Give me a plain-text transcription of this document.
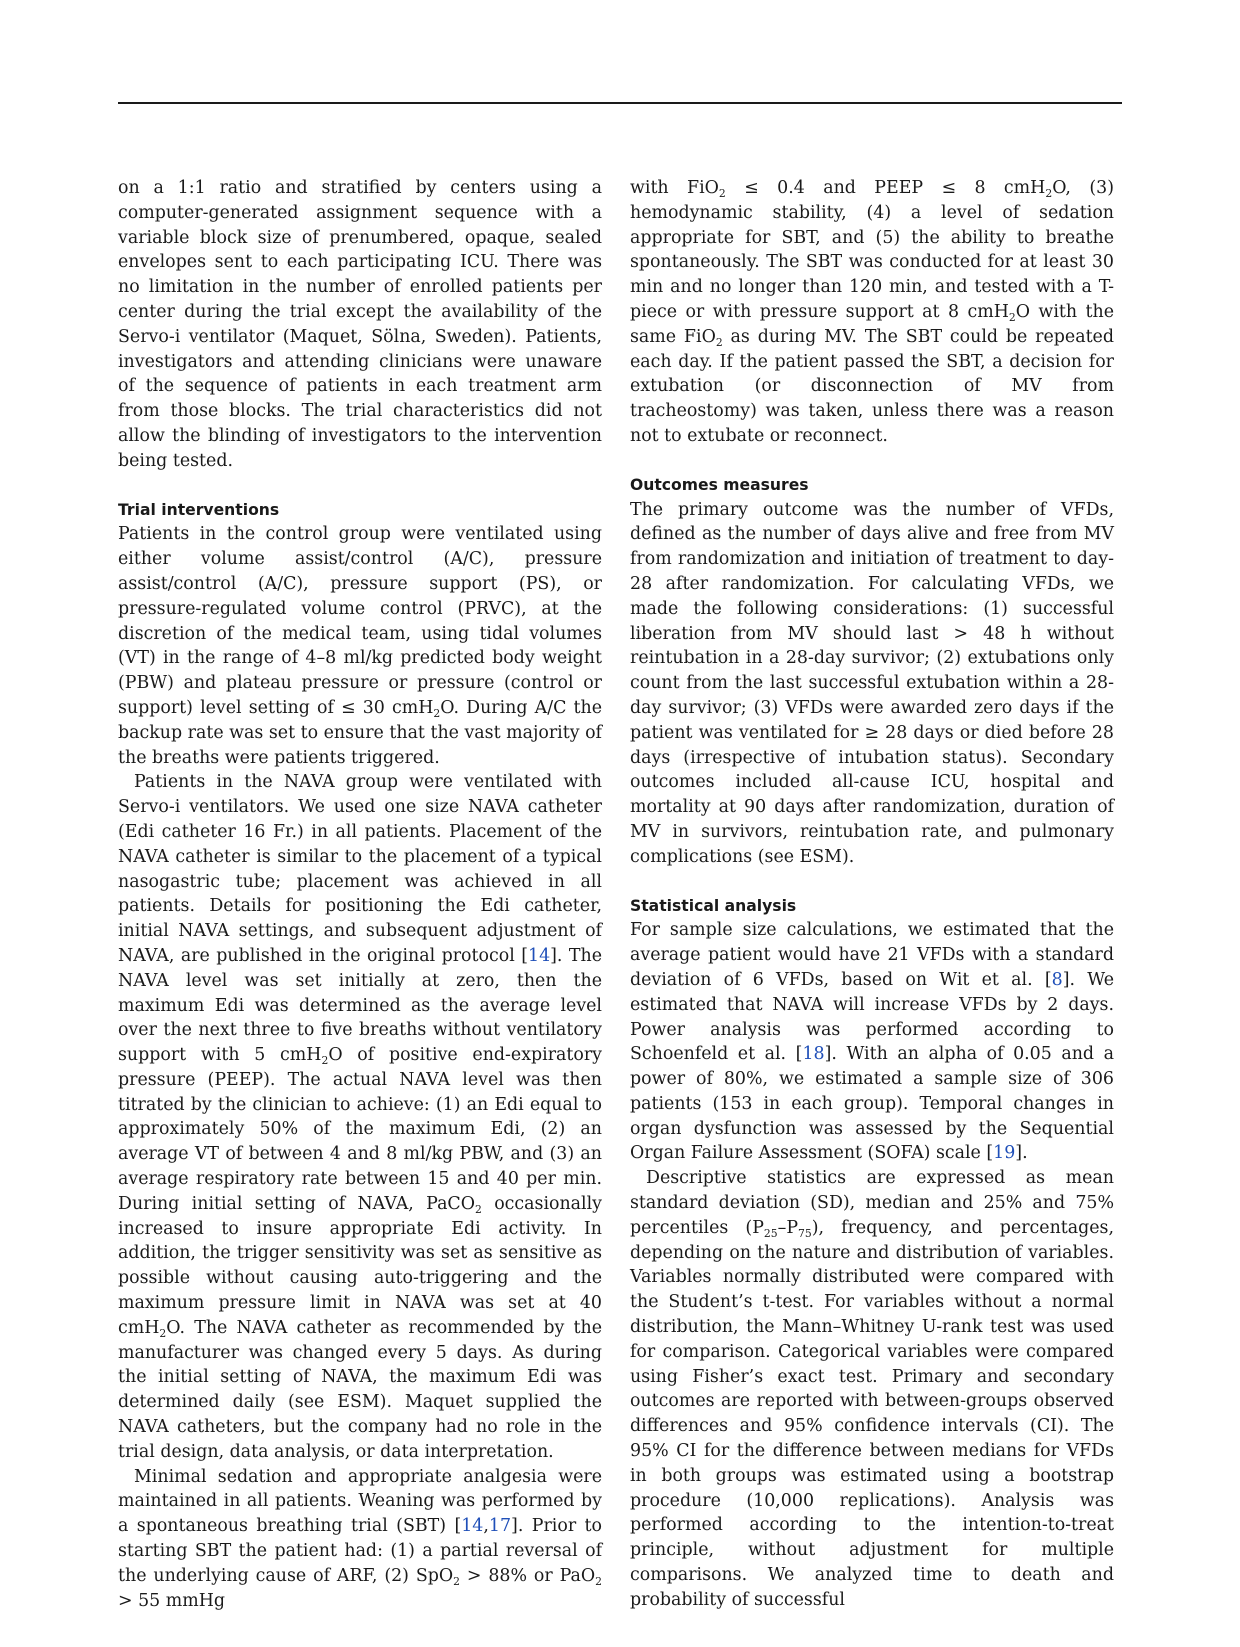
on a 1:1 ratio and stratified by centers using a computer-generated assignment sequence with a variable block size of prenumbered, opaque, sealed envelopes sent to each participating ICU. There was no limitation in the number of enrolled patients per center during the trial except the availability of the Servo-i ventilator (Maquet, Sölna, Sweden). Patients, investigators and attending clinicians were unaware of the sequence of patients in each treatment arm from those blocks. The trial characteristics did not allow the blinding of investigators to the intervention being tested.

Trial interventions

Patients in the control group were ventilated using either volume assist/control (A/C), pressure assist/control (A/C), pressure support (PS), or pressure-regulated volume control (PRVC), at the discretion of the medical team, using tidal volumes (VT) in the range of 4–8 ml/kg predicted body weight (PBW) and plateau pressure or pressure (control or support) level setting of ≤ 30 cmH$_2$O. During A/C the backup rate was set to ensure that the vast majority of the breaths were patients triggered.

Patients in the NAVA group were ventilated with Servo-i ventilators. We used one size NAVA catheter (Edi catheter 16 Fr.) in all patients. Placement of the NAVA catheter is similar to the placement of a typical nasogastric tube; placement was achieved in all patients. Details for positioning the Edi catheter, initial NAVA settings, and subsequent adjustment of NAVA, are published in the original protocol [14]. The NAVA level was set initially at zero, then the maximum Edi was determined as the average level over the next three to five breaths without ventilatory support with 5 cmH$_2$O of positive end-expiratory pressure (PEEP). The actual NAVA level was then titrated by the clinician to achieve: (1) an Edi equal to approximately 50% of the maximum Edi, (2) an average VT of between 4 and 8 ml/kg PBW, and (3) an average respiratory rate between 15 and 40 per min. During initial setting of NAVA, PaCO$_2$ occasionally increased to insure appropriate Edi activity. In addition, the trigger sensitivity was set as sensitive as possible without causing auto-triggering and the maximum pressure limit in NAVA was set at 40 cmH$_2$O. The NAVA catheter as recommended by the manufacturer was changed every 5 days. As during the initial setting of NAVA, the maximum Edi was determined daily (see ESM). Maquet supplied the NAVA catheters, but the company had no role in the trial design, data analysis, or data interpretation.

Minimal sedation and appropriate analgesia were maintained in all patients. Weaning was performed by a spontaneous breathing trial (SBT) [14,17]. Prior to starting SBT the patient had: (1) a partial reversal of the underlying cause of ARF, (2) SpO$_2$ > 88% or PaO$_2$ > 55 mmHg

with FiO$_2$ ≤ 0.4 and PEEP ≤ 8 cmH$_2$O, (3) hemodynamic stability, (4) a level of sedation appropriate for SBT, and (5) the ability to breathe spontaneously. The SBT was conducted for at least 30 min and no longer than 120 min, and tested with a T-piece or with pressure support at 8 cmH$_2$O with the same FiO$_2$ as during MV. The SBT could be repeated each day. If the patient passed the SBT, a decision for extubation (or disconnection of MV from tracheostomy) was taken, unless there was a reason not to extubate or reconnect.

Outcomes measures

The primary outcome was the number of VFDs, defined as the number of days alive and free from MV from randomization and initiation of treatment to day-28 after randomization. For calculating VFDs, we made the following considerations: (1) successful liberation from MV should last > 48 h without reintubation in a 28-day survivor; (2) extubations only count from the last successful extubation within a 28-day survivor; (3) VFDs were awarded zero days if the patient was ventilated for ≥ 28 days or died before 28 days (irrespective of intubation status). Secondary outcomes included all-cause ICU, hospital and mortality at 90 days after randomization, duration of MV in survivors, reintubation rate, and pulmonary complications (see ESM).

Statistical analysis

For sample size calculations, we estimated that the average patient would have 21 VFDs with a standard deviation of 6 VFDs, based on Wit et al. [8]. We estimated that NAVA will increase VFDs by 2 days. Power analysis was performed according to Schoenfeld et al. [18]. With an alpha of 0.05 and a power of 80%, we estimated a sample size of 306 patients (153 in each group). Temporal changes in organ dysfunction was assessed by the Sequential Organ Failure Assessment (SOFA) scale [19].

Descriptive statistics are expressed as mean standard deviation (SD), median and 25% and 75% percentiles $(P_{25}-P_{75})$, frequency, and percentages, depending on the nature and distribution of variables. Variables normally distributed were compared with the Student’s t-test. For variables without a normal distribution, the Mann–Whitney U-rank test was used for comparison. Categorical variables were compared using Fisher’s exact test. Primary and secondary outcomes are reported with between-groups observed differences and 95% confidence intervals (CI). The 95% CI for the difference between medians for VFDs in both groups was estimated using a bootstrap procedure (10,000 replications). Analysis was performed according to the intention-to-treat principle, without adjustment for multiple comparisons. We analyzed time to death and probability of successful
